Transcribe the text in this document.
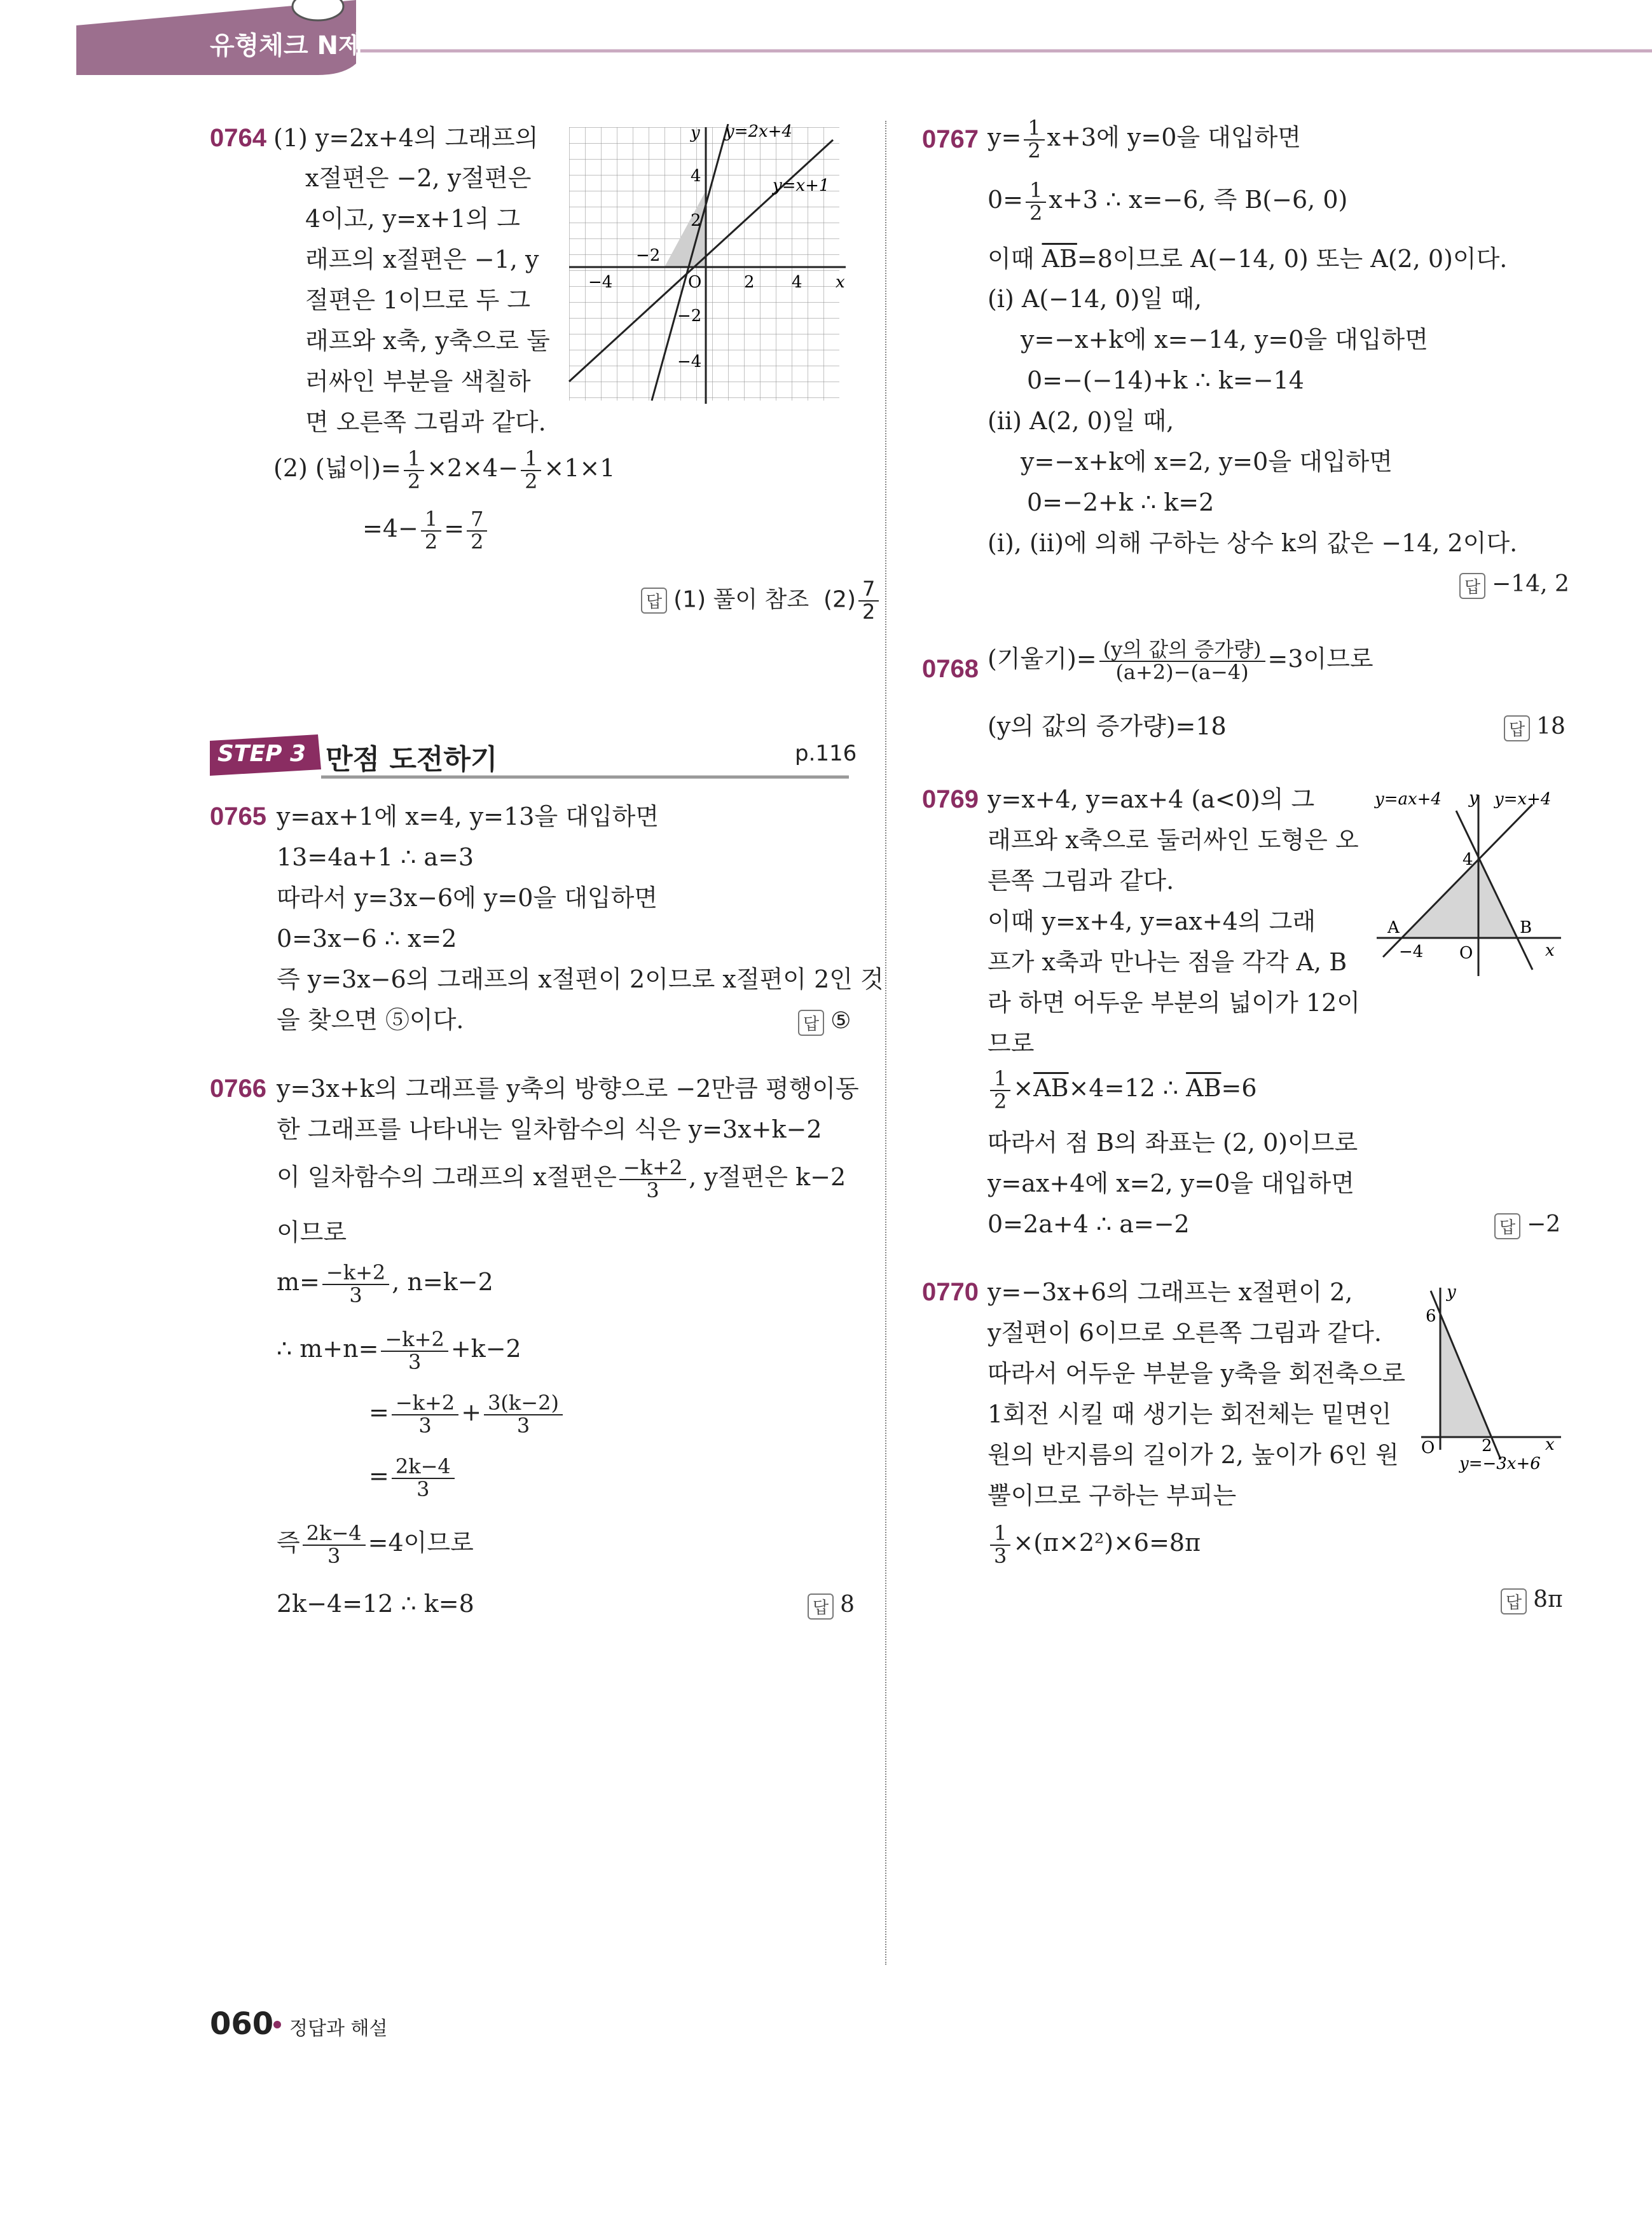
유형체크 N제
0764 (1) y=2x+4의 그래프의
x절편은 −2, y절편은
4이고, y=x+1의 그
래프의 x절편은 −1, y
절편은 1이므로 두 그
래프와 x축, y축으로 둘
러싸인 부분을 색칠하
면 오른쪽 그림과 같다.
(2) (넓이)= $\frac{1}{2} \times 2\times 4- \frac{1}{2} \times 1\times 1$
$=4- \frac{1}{2} = \frac{7}{2}$
답 (1) 풀이 참조 $(2) \frac{7}{2}$
y
x
O
y=2x+4
y=x+1
4
2
−2
−4	2 4
−2
−4
STEP 3 만점 도전하기	p.116
0765 y=ax+1에 x=4, y=13을 대입하면
13=4a+1 ∴ a=3
따라서 y=3x−6에 y=0을 대입하면
0=3x−6 ∴ x=2
즉 y=3x−6의 그래프의 x절편이 2이므로 x절편이 2인 것
을 찾으면 ⑤이다.	답 ⑤
0766 y=3x+k의 그래프를 y축의 방향으로 −2만큼 평행이동
한 그래프를 나타내는 일차함수의 식은 y=3x+k−2
이 일차함수의 그래프의 x절편은 $\frac{-k+2}{3}$ , y절편은 k−2
이므로
$m= \frac{-k+2}{3}$ , n=k−2
∴ $m+n= \frac{-k+2}{3} +k-2$
= $\frac{-k+2}{3} + \frac{3(k-2)}{3}$
= $\frac{2k-4}{3}$
즉 $\frac{2k-4}{3} =4$이므로
2k−4=12 ∴ k=8	답 8
0767 $y= \frac{1}{2} x+3$에 y=0을 대입하면
$0= \frac{1}{2} x+3$ ∴ x=−6, 즉 B(−6, 0)
이때 $\overline{AB}=8$이므로 A(−14, 0) 또는 A(2, 0)이다.
(ⅰ) A(−14, 0)일 때,
y=−x+k에 x=−14, y=0을 대입하면
0=−(−14)+k ∴ k=−14
(ⅱ) A(2, 0)일 때,
y=−x+k에 x=2, y=0을 대입하면
0=−2+k ∴ k=2
(ⅰ), (ⅱ)에 의해 구하는 상수 k의 값은 −14, 2이다.
답 −14, 2
0768 (기울기)= $\frac{\text{(y의 값의 증가량)}}{(a+2)-(a-4)} =3$이므로
(y의 값의 증가량)=18	답 18
0769 y=x+4, y=ax+4 (a<0)의 그
래프와 x축으로 둘러싸인 도형은 오
른쪽 그림과 같다.
이때 y=x+4, y=ax+4의 그래
프가 x축과 만나는 점을 각각 A, B
라 하면 어두운 부분의 넓이가 12이
므로
$\frac{1}{2} \times\overline{AB}\times 4=12$ ∴ $\overline{AB}=6$
따라서 점 B의 좌표는 (2, 0)이므로
y=ax+4에 x=2, y=0을 대입하면
0=2a+4 ∴ a=−2	답 −2
y=ax+4	y=x+4
y
x
O
A	B
4
−4
0770 y=−3x+6의 그래프는 x절편이 2,
y절편이 6이므로 오른쪽 그림과 같다.
따라서 어두운 부분을 y축을 회전축으로
1회전 시킬 때 생기는 회전체는 밑면인
원의 반지름의 길이가 2, 높이가 6인 원
뿔이므로 구하는 부피는
$\frac{1}{3} \times(\pi\times 2^2)\times 6=8\pi$
답 8π
y
x
O
6
2
y=−3x+6
060 정답과 해설
